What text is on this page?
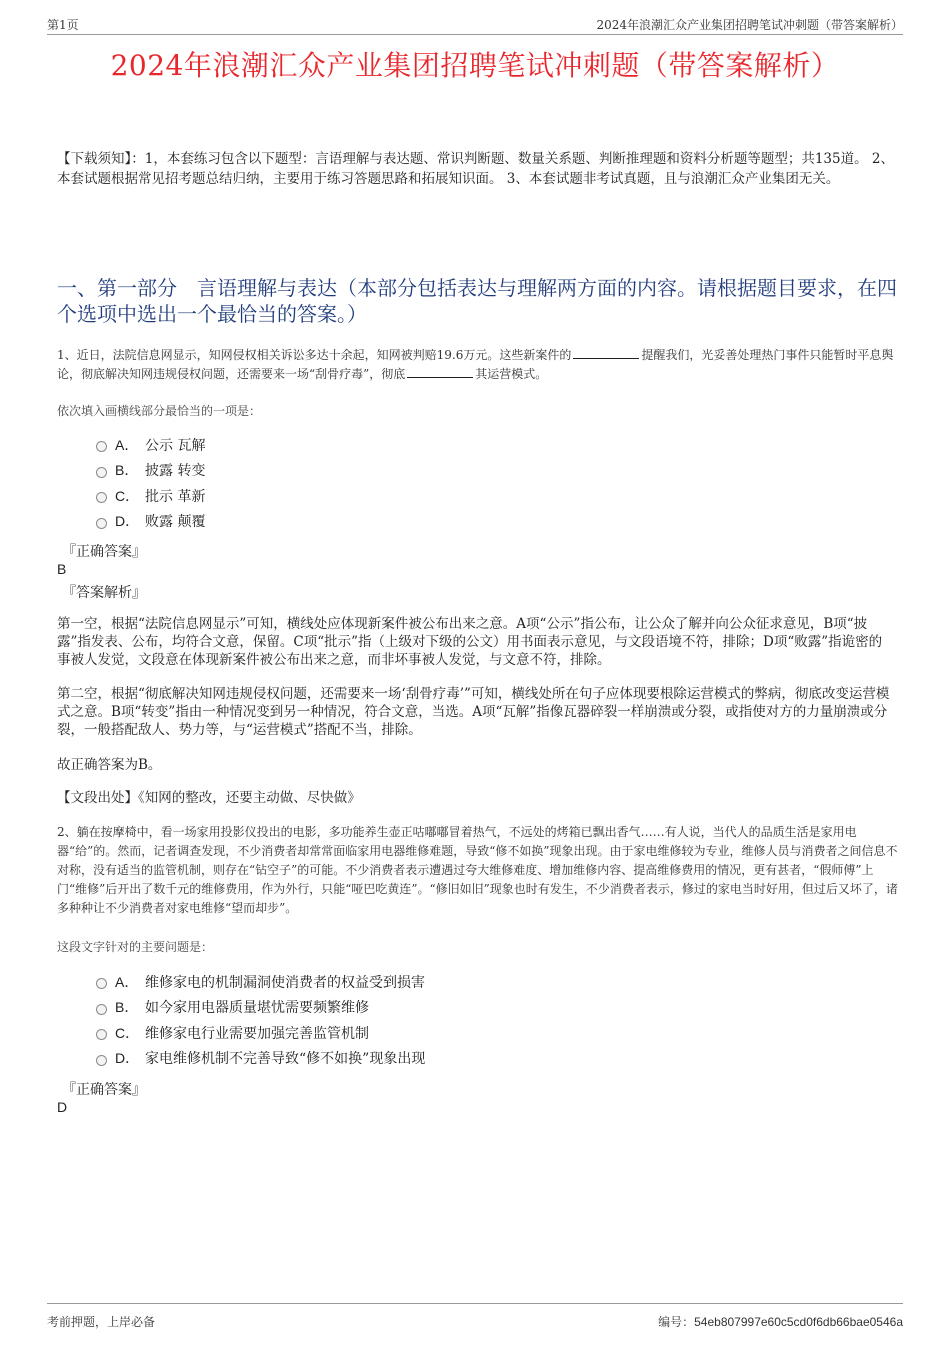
第1页	2024年浪潮汇众产业集团招聘笔试冲刺题（带答案解析）
2024年浪潮汇众产业集团招聘笔试冲刺题（带答案解析）
【下载须知】：1，本套练习包含以下题型：言语理解与表达题、常识判断题、数量关系题、判断推理题和资料分析题等题型；共135道。 2、本套试题根据常见招考题总结归纳，主要用于练习答题思路和拓展知识面。 3、本套试题非考试真题，且与浪潮汇众产业集团无关。
一、第一部分　言语理解与表达（本部分包括表达与理解两方面的内容。请根据题目要求，在四个选项中选出一个最恰当的答案。）
1、近日，法院信息网显示，知网侵权相关诉讼多达十余起，知网被判赔19.6万元。这些新案件的	提醒我们，光妥善处理热门事件只能暂时平息舆论，彻底解决知网违规侵权问题，还需要来一场“刮骨疗毒”，彻底	其运营模式。
依次填入画横线部分最恰当的一项是：
A． 公示 瓦解
B． 披露 转变
C． 批示 革新
D． 败露 颠覆
『正确答案』
B
『答案解析』
第一空，根据“法院信息网显示”可知，横线处应体现新案件被公布出来之意。A项“公示”指公布，让公众了解并向公众征求意见，B项“披露”指发表、公布，均符合文意，保留。C项“批示”指（上级对下级的公文）用书面表示意见，与文段语境不符，排除；D项“败露”指诡密的事被人发觉，文段意在体现新案件被公布出来之意，而非坏事被人发觉，与文意不符，排除。
第二空，根据“彻底解决知网违规侵权问题，还需要来一场‘刮骨疗毒’”可知，横线处所在句子应体现要根除运营模式的弊病，彻底改变运营模式之意。B项“转变”指由一种情况变到另一种情况，符合文意，当选。A项“瓦解”指像瓦器碎裂一样崩溃或分裂，或指使对方的力量崩溃或分裂，一般搭配敌人、势力等，与“运营模式”搭配不当，排除。
故正确答案为B。
【文段出处】《知网的整改，还要主动做、尽快做》
2、躺在按摩椅中，看一场家用投影仪投出的电影，多功能养生壶正咕嘟嘟冒着热气，不远处的烤箱已飘出香气……有人说，当代人的品质生活是家用电器“给”的。然而，记者调查发现，不少消费者却常常面临家用电器维修难题，导致“修不如换”现象出现。由于家电维修较为专业，维修人员与消费者之间信息不对称，没有适当的监管机制，则存在“钻空子”的可能。不少消费者表示遭遇过夸大维修难度、增加维修内容、提高维修费用的情况，更有甚者，“假师傅”上门“维修”后开出了数千元的维修费用，作为外行，只能“哑巴吃黄连”。“修旧如旧”现象也时有发生，不少消费者表示，修过的家电当时好用，但过后又坏了，诸多种种让不少消费者对家电维修“望而却步”。
这段文字针对的主要问题是：
A． 维修家电的机制漏洞使消费者的权益受到损害
B． 如今家用电器质量堪忧需要频繁维修
C． 维修家电行业需要加强完善监管机制
D． 家电维修机制不完善导致“修不如换”现象出现
『正确答案』
D
考前押题，上岸必备	编号：54eb807997e60c5cd0f6db66bae0546a
